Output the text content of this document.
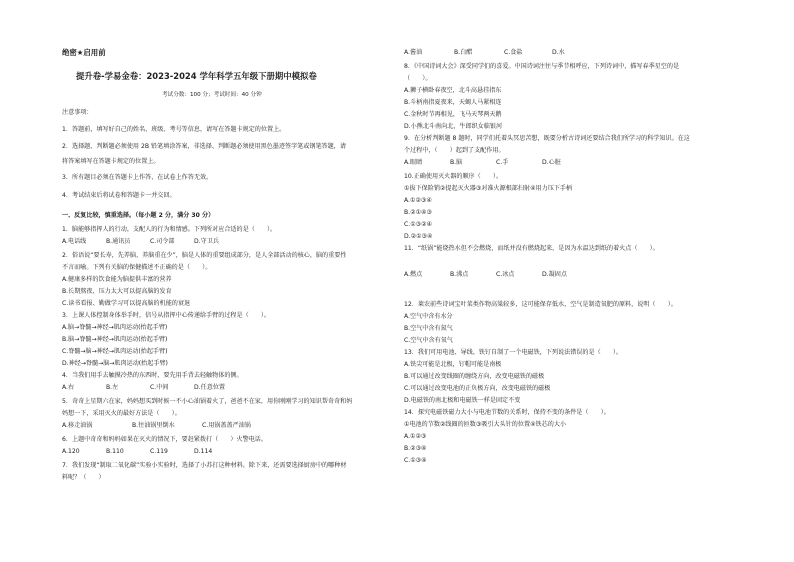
绝密★启用前
提升卷-学易金卷：2023-2024 学年科学五年级下册期中模拟卷
考试分数：100 分；考试时间：40 分钟
注意事项：
1．答题前，填写好自己的姓名、班级、考号等信息，请写在答题卡规定的位置上。
2．选择题、判断题必须使用 2B 铅笔填涂答案，非选择、判断题必须使用黑色墨迹签字笔或钢笔答题，请
将答案填写在答题卡规定的位置上。
3．所有题目必须在答题卡上作答，在试卷上作答无效。
4．考试结束后将试卷和答题卡一并交回。
一、反复比较，慎重选择。（每小题 2 分，满分 30 分）
1．脑能够指挥人的行动，支配人的行为和情感。下列所对应合适的是（　　）。
A.电话线	B.通讯员	C.司令部	D.守卫兵
2．俗语说“要长寿，先养脑，养脑重在少”，脑是人体的重要组成部分，是人全部活动的核心，脑的重要性
不言而喻。下列有关脑的保健描述不正确的是（　　）。
A.健康多样的饮食能为脑提供丰富的营养
B.长期熬夜、压力太大可以提高脑的发育
C.读书看报、勤做学习可以提高脑的机能的衰退
3．上课人体控制身体举手时，信号从指挥中心传递给手臂的过程是（　　）。
A.脑→脊髓→神经→肌肉运动(抬起手臂)
B.脑→脊髓→神经→肌肉运动(抬起手臂)
C.脊髓→脑→神经→肌肉运动(抬起手臂)
D.神经→脊髓→脑→肌肉运动(抬起手臂)
4．当我们用手去触摸冷热的东西时，要先用手背去轻触物体的侧。
A.右	B.左	C.中间	D.任意位置
5．奇奇上星期六在家，妈妈想买到时候一不小心油锅着火了，爸爸不在家，用你刚刚学习的知识帮奇奇和妈
妈想一下，采用灭火的最好方法是（　　）。
A.移走油锅	B.往油锅里倒水	C.用锅盖盖严油锅
6．上题中奇奇和妈妈如果在灭火的情况下，要赶紧拨打（　　）火警电话。
A.120	B.110	C.119	D.114
7．我们发现“制取二氧化碳”实验小实验时，选择了小苏打这种材料，除下来，还需要选择厨房中的哪种材
料呢？（　　）
A.酱油	B.白醋	C.食盐	D.水
8．《中国诗词大会》深受同学们的喜爱。中国诗词注往与季节相呼应，下列诗词中，描写春季星空的是
（　　）。
A.狮子横卧春夜空，北斗高悬挂指东
B.斗柄南指夏夜来，天蝎人马紧相连
C.金秋时节再相见，飞马天琴两天鹅
D.小熊北斗南向北，牛郎织女临银河
9．在分析判断题 8 题时，同学们托着头冥思苦想，既要分析古诗词还要结合我们所学习的科学知识。在这
个过程中，（　　）起到了支配作用。
A.眼睛	B.脑	C.手	D.心脏
10.正确使用灭火器的顺序（　　）。
①拔下保险销②提起灭火器③对准火源根部扫射④用力压下手柄
A.①②③④
B.②①④③
C.①③②④
D.②①③④
11．“纸锅”能烧热水但不会燃烧，而纸并没有燃烧起来，是因为水温达到纸的着火点（　　）。
A.燃点	B.沸点	C.冰点	D.凝固点
12．莱农前些诗词宝叶菜类作物高粱较多，这可能保存低水，空气是制造氧肥的原料，说明（　　）。
A.空气中含有水分
B.空气中含有氮气
C.空气中含有氧气
13．我们可用电池、导线、铁钉自制了一个电磁铁，下列说法错误的是（　　）。
A.铁尖可能是北极，钉帽可能是南极
B.可以通过改变线圈的缠绕方向，改变电磁铁的磁极
C.可以通过改变电池的正负极方向，改变电磁铁的磁极
D.电磁铁的南北极和电磁铁一样是固定不变
14．探究电磁铁磁力大小与电池节数的关系时，保持不变的条件是（　　）。
①电池的节数②线圈的匝数③吸引大头针的位置④铁芯的大小
A.①②③
B.②③④
C.①③④
